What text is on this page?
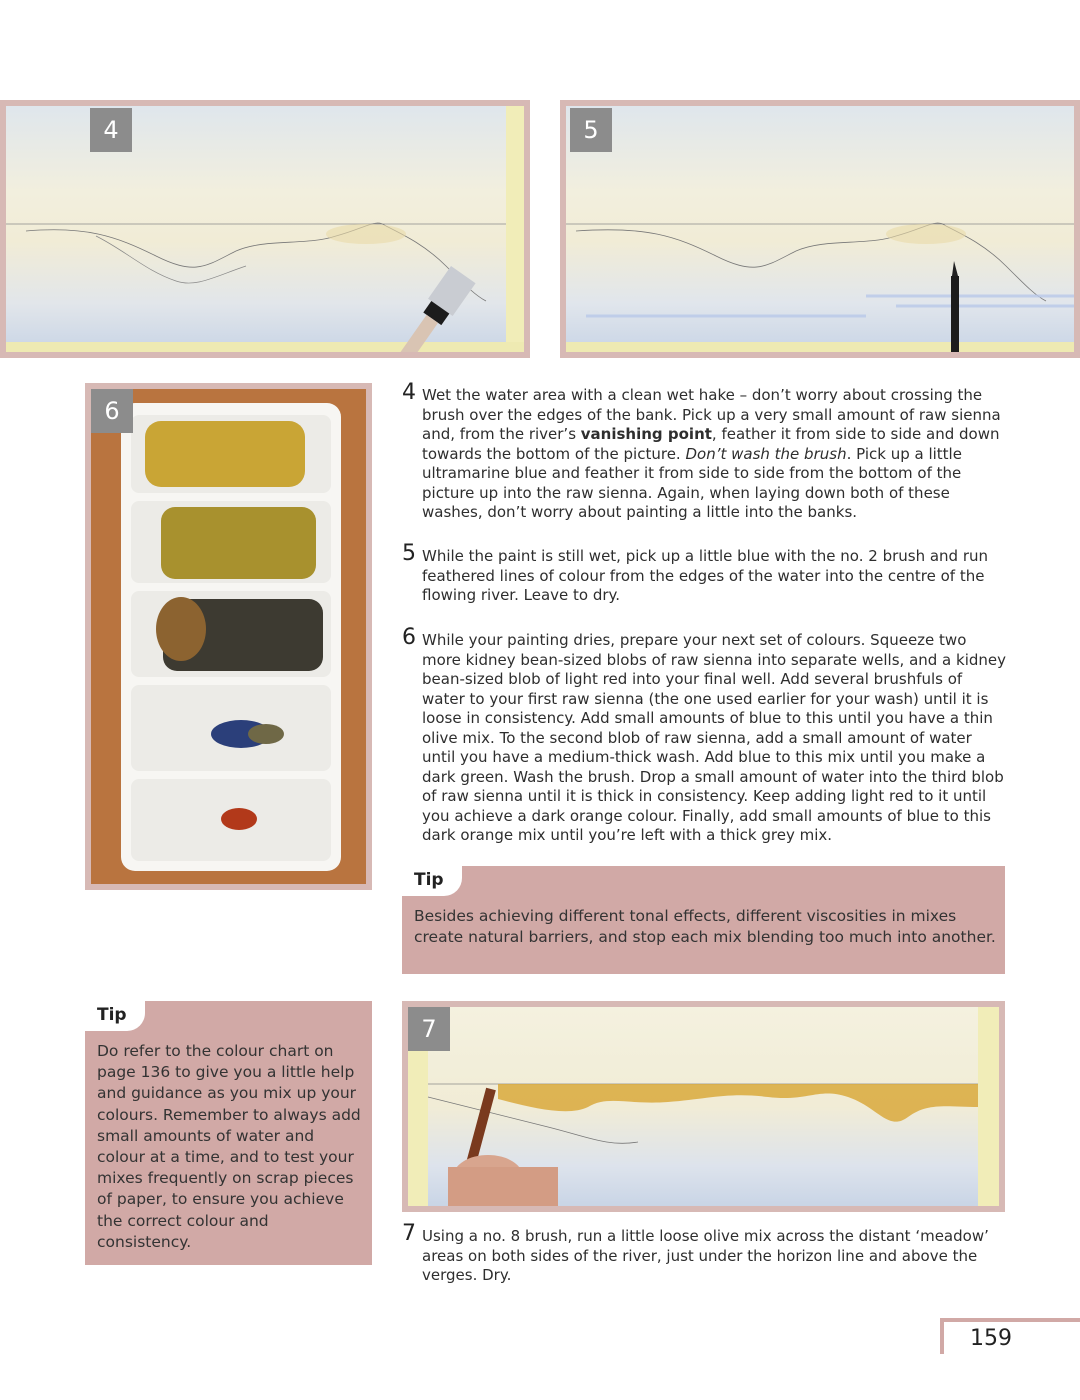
4	5
6
4 Wet the water area with a clean wet hake – don’t worry about crossing the brush over the edges of the bank. Pick up a very small amount of raw sienna and, from the river’s vanishing point, feather it from side to side and down towards the bottom of the picture. Don’t wash the brush. Pick up a little ultramarine blue and feather it from side to side from the bottom of the picture up into the raw sienna. Again, when laying down both of these washes, don’t worry about painting a little into the banks.
5 While the paint is still wet, pick up a little blue with the no. 2 brush and run feathered lines of colour from the edges of the water into the centre of the flowing river. Leave to dry.
6 While your painting dries, prepare your next set of colours. Squeeze two more kidney bean-sized blobs of raw sienna into separate wells, and a kidney bean-sized blob of light red into your final well. Add several brushfuls of water to your first raw sienna (the one used earlier for your wash) until it is loose in consistency. Add small amounts of blue to this until you have a thin olive mix. To the second blob of raw sienna, add a small amount of water until you have a medium-thick wash. Add blue to this mix until you make a dark green. Wash the brush. Drop a small amount of water into the third blob of raw sienna until it is thick in consistency. Keep adding light red to it until you achieve a dark orange colour. Finally, add small amounts of blue to this dark orange mix until you’re left with a thick grey mix.
Tip
Besides achieving different tonal effects, different viscosities in mixes create natural barriers, and stop each mix blending too much into another.
Tip
Do refer to the colour chart on page 136 to give you a little help and guidance as you mix up your colours. Remember to always add small amounts of water and colour at a time, and to test your mixes frequently on scrap pieces of paper, to ensure you achieve the correct colour and consistency.
7
7 Using a no. 8 brush, run a little loose olive mix across the distant ‘meadow’ areas on both sides of the river, just under the horizon line and above the verges. Dry.
159
